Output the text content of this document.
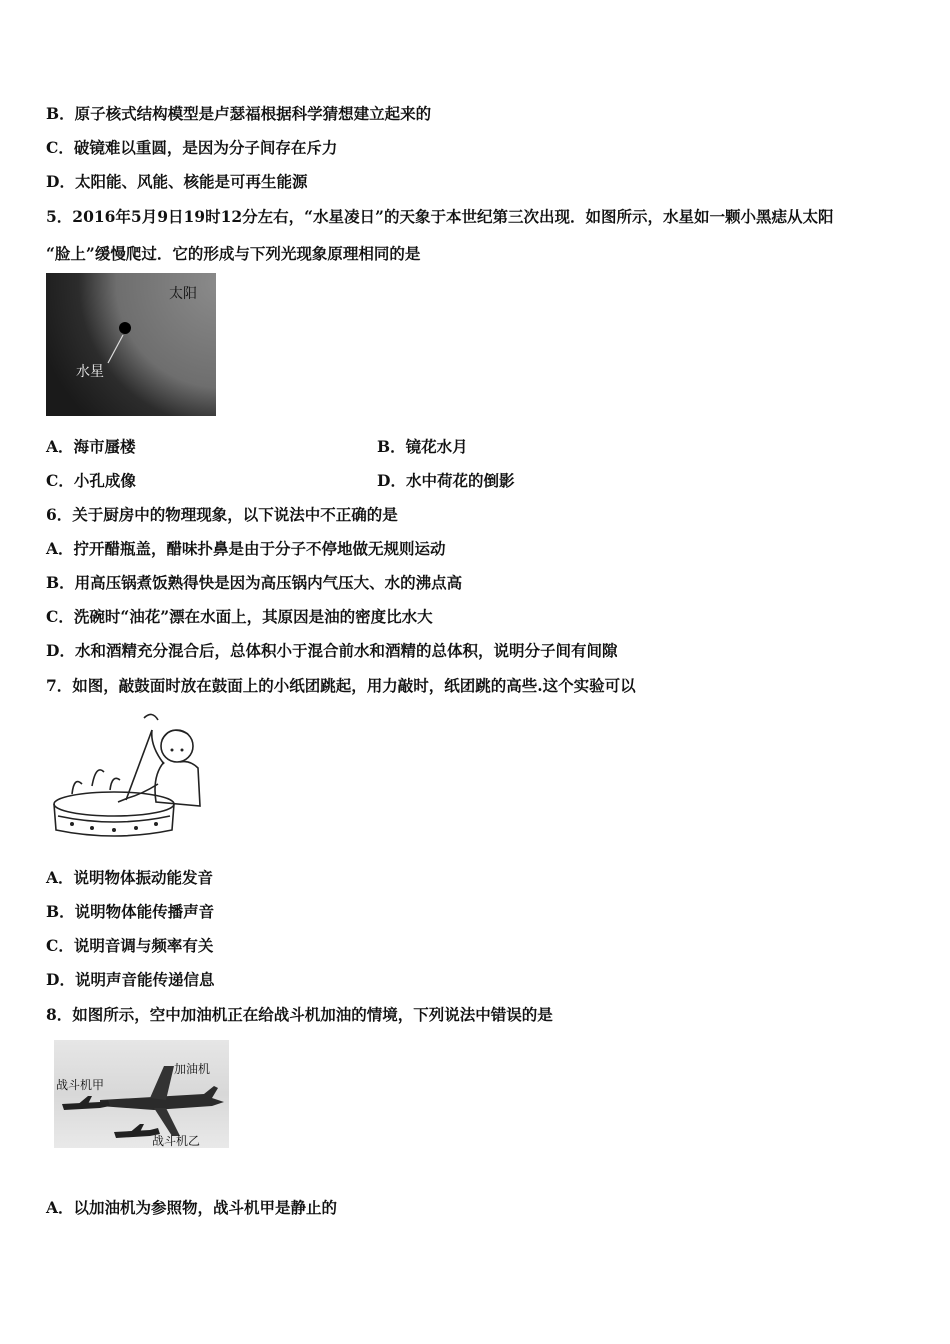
B．原子核式结构模型是卢瑟福根据科学猜想建立起来的
C．破镜难以重圆，是因为分子间存在斥力
D．太阳能、风能、核能是可再生能源
5．2016年5月9日19时12分左右，“水星凌日”的天象于本世纪第三次出现．如图所示，水星如一颗小黑痣从太阳
“脸上”缓慢爬过．它的形成与下列光现象原理相同的是
太阳
水星
A．海市蜃楼	B．镜花水月
C．小孔成像	D．水中荷花的倒影
6．关于厨房中的物理现象，以下说法中不正确的是
A．拧开醋瓶盖，醋味扑鼻是由于分子不停地做无规则运动
B．用高压锅煮饭熟得快是因为高压锅内气压大、水的沸点高
C．洗碗时“油花”漂在水面上，其原因是油的密度比水大
D．水和酒精充分混合后，总体积小于混合前水和酒精的总体积，说明分子间有间隙
7．如图，敲鼓面时放在鼓面上的小纸团跳起，用力敲时，纸团跳的高些.这个实验可以
A．说明物体振动能发音
B．说明物体能传播声音
C．说明音调与频率有关
D．说明声音能传递信息
8．如图所示，空中加油机正在给战斗机加油的情境，下列说法中错误的是
加油机
战斗机甲
战斗机乙
A．以加油机为参照物，战斗机甲是静止的
